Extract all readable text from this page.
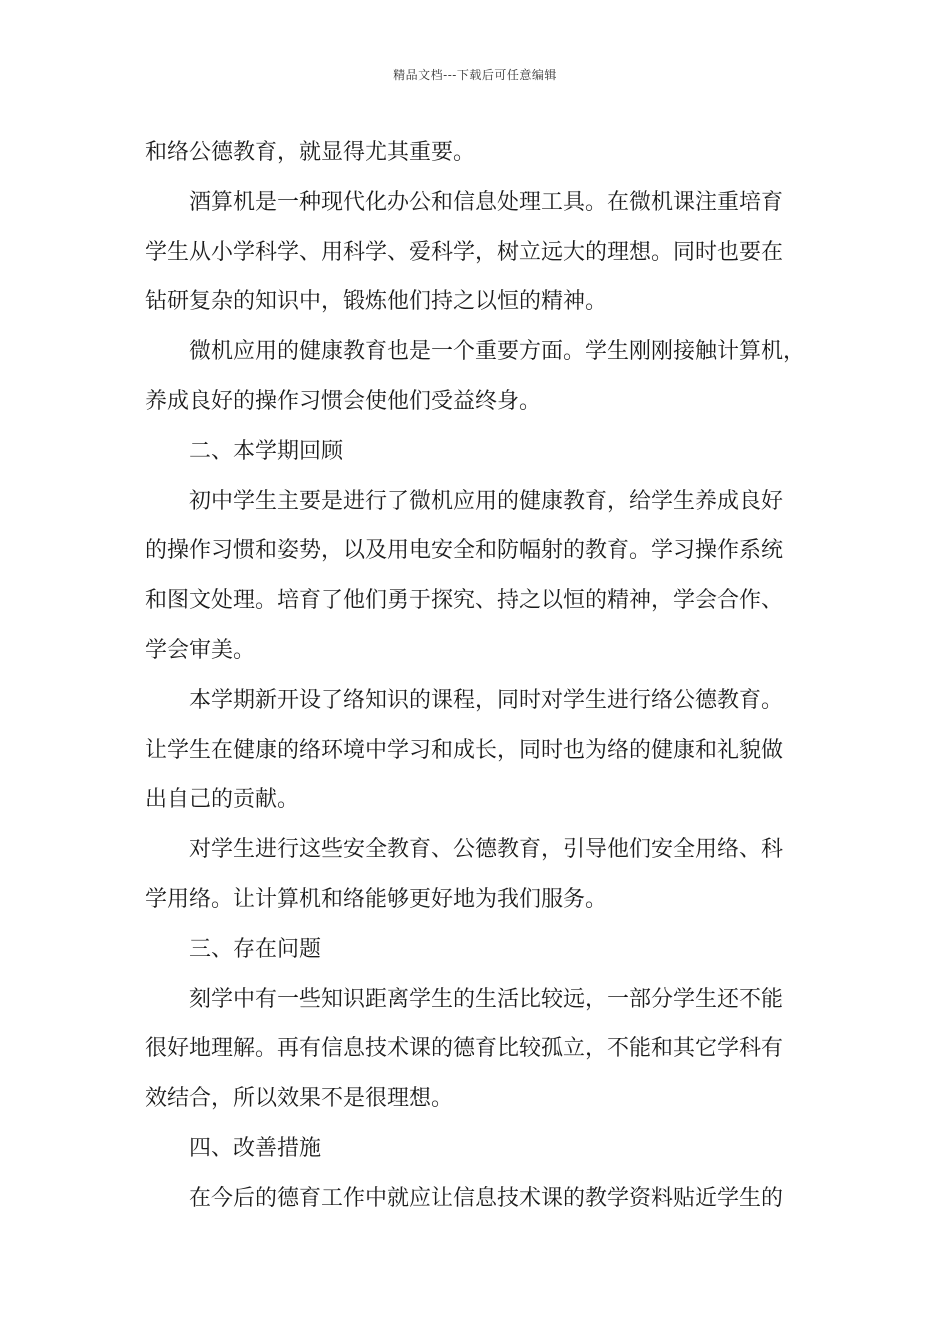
精品文档---下载后可任意编辑
和络公德教育，就显得尤其重要。
酒算机是一种现代化办公和信息处理工具。在微机课注重培育
学生从小学科学、用科学、爱科学，树立远大的理想。同时也要在
钻研复杂的知识中，锻炼他们持之以恒的精神。
微机应用的健康教育也是一个重要方面。学生刚刚接触计算机，
养成良好的操作习惯会使他们受益终身。
二、本学期回顾
初中学生主要是进行了微机应用的健康教育，给学生养成良好
的操作习惯和姿势，以及用电安全和防幅射的教育。学习操作系统
和图文处理。培育了他们勇于探究、持之以恒的精神，学会合作、
学会审美。
本学期新开设了络知识的课程，同时对学生进行络公德教育。
让学生在健康的络环境中学习和成长，同时也为络的健康和礼貌做
出自己的贡献。
对学生进行这些安全教育、公德教育，引导他们安全用络、科
学用络。让计算机和络能够更好地为我们服务。
三、存在问题
刻学中有一些知识距离学生的生活比较远，一部分学生还不能
很好地理解。再有信息技术课的德育比较孤立，不能和其它学科有
效结合，所以效果不是很理想。
四、改善措施
在今后的德育工作中就应让信息技术课的教学资料贴近学生的
